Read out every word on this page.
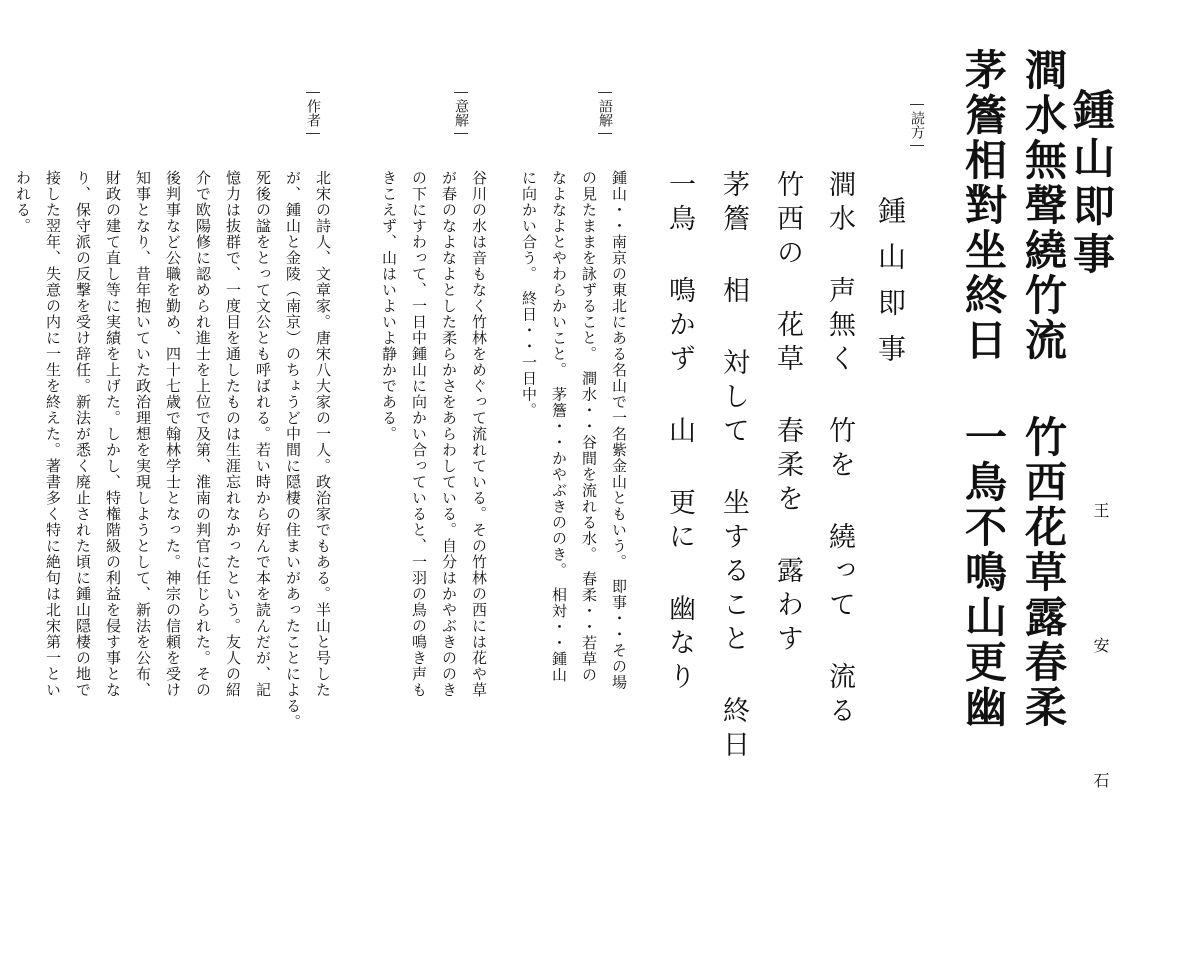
鍾山即事
王 安 石
澗水無聲繞竹流 竹西花草露春柔
茅簷相對坐終日 一鳥不鳴山更幽
読方
鍾山即事
澗水 声無く 竹を 繞って 流る
竹西の 花草 春柔を 露わす
茅簷 相 対して 坐すること 終日
一鳥 鳴かず 山 更に 幽なり
語解
鍾山・・南京の東北にある名山で一名紫金山ともいう。　即事・・その場
の見たままを詠ずること。　澗水・・谷間を流れる水。　春柔・・若草の
なよなよとやわらかいこと。　茅簷・・かやぶきののき。　相対・・鍾山
に向かい合う。　終日・・一日中。
意解
谷川の水は音もなく竹林をめぐって流れている。その竹林の西には花や草
が春のなよなよとした柔らかさをあらわしている。自分はかやぶきののき
の下にすわって、一日中鍾山に向かい合っていると、一羽の鳥の鳴き声も
きこえず、山はいよいよ静かである。
作者
北宋の詩人、文章家。唐宋八大家の一人。政治家でもある。半山と号した
が、鍾山と金陵（南京）のちょうど中間に隠棲の住まいがあったことによる。
死後の諡をとって文公とも呼ばれる。若い時から好んで本を読んだが、記
憶力は抜群で、一度目を通したものは生涯忘れなかったという。友人の紹
介で欧陽修に認められ進士を上位で及第、淮南の判官に任じられた。その
後判事など公職を勤め、四十七歳で翰林学士となった。神宗の信頼を受け
知事となり、昔年抱いていた政治理想を実現しようとして、新法を公布、
財政の建て直し等に実績を上げた。しかし、特権階級の利益を侵す事とな
り、保守派の反撃を受け辞任。新法が悉く廃止された頃に鍾山隠棲の地で
接した翌年、失意の内に一生を終えた。著書多く特に絶句は北宋第一とい
われる。
